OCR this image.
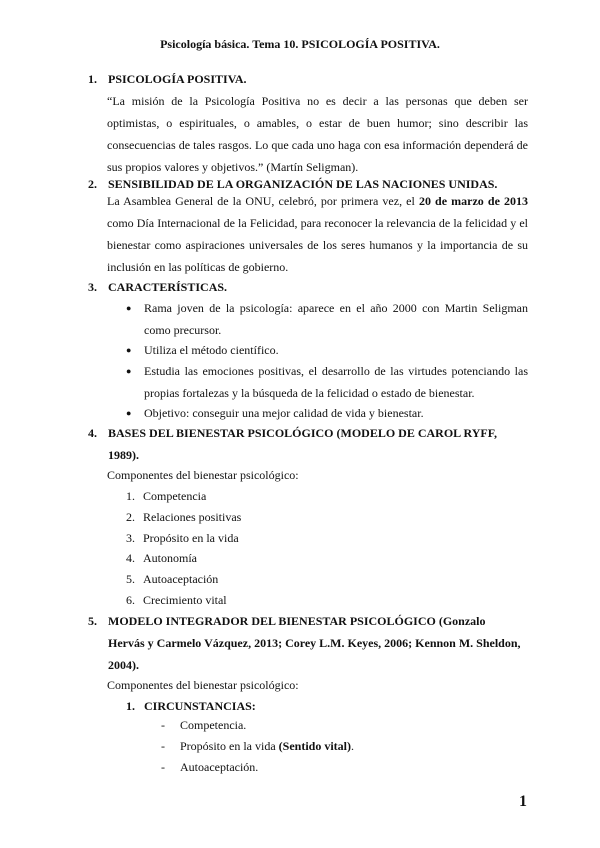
Psicología básica. Tema 10. PSICOLOGÍA POSITIVA.
1. PSICOLOGÍA POSITIVA.

“La misión de la Psicología Positiva no es decir a las personas que deben ser optimistas, o espirituales, o amables, o estar de buen humor; sino describir las consecuencias de tales rasgos. Lo que cada uno haga con esa información dependerá de sus propios valores y objetivos.” (Martín Seligman).

2. SENSIBILIDAD DE LA ORGANIZACIÓN DE LAS NACIONES UNIDAS.

La Asamblea General de la ONU, celebró, por primera vez, el 20 de marzo de 2013 como Día Internacional de la Felicidad, para reconocer la relevancia de la felicidad y el bienestar como aspiraciones universales de los seres humanos y la importancia de su inclusión en las políticas de gobierno.

3. CARACTERÍSTICAS.
●	Rama joven de la psicología: aparece en el año 2000 con Martin Seligman como precursor.
●	Utiliza el método científico.
●	Estudia las emociones positivas, el desarrollo de las virtudes potenciando las propias fortalezas y la búsqueda de la felicidad o estado de bienestar.
●	Objetivo: conseguir una mejor calidad de vida y bienestar.
4. BASES DEL BIENESTAR PSICOLÓGICO (MODELO DE CAROL RYFF,
1989).
Componentes del bienestar psicológico:
1. Competencia
2. Relaciones positivas
3. Propósito en la vida
4. Autonomía
5. Autoaceptación
6. Crecimiento vital
5. MODELO INTEGRADOR DEL BIENESTAR PSICOLÓGICO (Gonzalo
Hervás y Carmelo Vázquez, 2013; Corey L.M. Keyes, 2006; Kennon M. Sheldon,
2004).
Componentes del bienestar psicológico:
1. CIRCUNSTANCIAS:
- Competencia.
- Propósito en la vida (Sentido vital).
- Autoaceptación.
1
